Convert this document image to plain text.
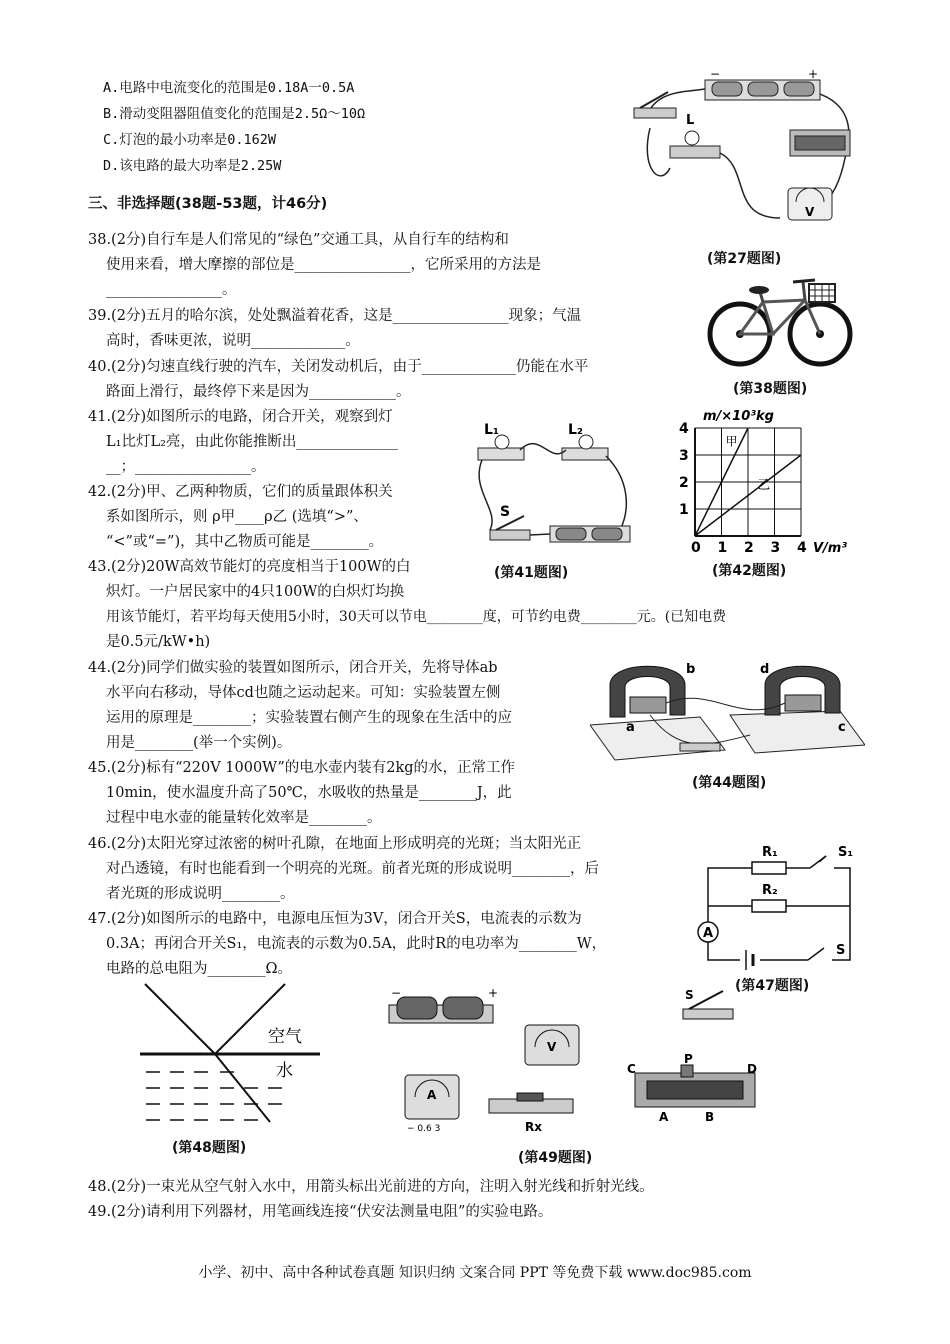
A.电路中电流变化的范围是0.18A一0.5A
B.滑动变阻器阻值变化的范围是2.5Ω～10Ω
C.灯泡的最小功率是0.162W
D.该电路的最大功率是2.25W
三、非选择题(38题-53题，计46分)
38.(2分)自行车是人们常见的“绿色”交通工具，从自行车的结构和
使用来看，增大摩擦的部位是________________，它所采用的方法是
________________。
39.(2分)五月的哈尔滨，处处飘溢着花香，这是________________现象；气温
高时，香味更浓，说明_____________。
40.(2分)匀速直线行驶的汽车，关闭发动机后，由于_____________仍能在水平
路面上滑行，最终停下来是因为____________。
41.(2分)如图所示的电路，闭合开关，观察到灯
L₁比灯L₂亮，由此你能推断出______________
__；________________。
42.(2分)甲、乙两种物质，它们的质量跟体积关
系如图所示，则 ρ甲____ρ乙 (选填“>”、
“<”或“=”)，其中乙物质可能是________。
43.(2分)20W高效节能灯的亮度相当于100W的白
炽灯。一户居民家中的4只100W的白炽灯均换
用该节能灯，若平均每天使用5小时，30天可以节电________度，可节约电费________元。(已知电费
是0.5元/kW•h)
44.(2分)同学们做实验的装置如图所示，闭合开关，先将导体ab
水平向右移动，导体cd也随之运动起来。可知：实验装置左侧
运用的原理是________；实验装置右侧产生的现象在生活中的应
用是________(举一个实例)。
45.(2分)标有“220V 1000W”的电水壶内装有2kg的水，正常工作
10min，使水温度升高了50℃，水吸收的热量是________J，此
过程中电水壶的能量转化效率是________。
46.(2分)太阳光穿过浓密的树叶孔隙，在地面上形成明亮的光斑；当太阳光正
对凸透镜，有时也能看到一个明亮的光斑。前者光斑的形成说明________，后
者光斑的形成说明________。
47.(2分)如图所示的电路中，电源电压恒为3V，闭合开关S，电流表的示数为
0.3A；再闭合开关S₁，电流表的示数为0.5A，此时R的电功率为________W，
电路的总电阻为________Ω。
48.(2分)一束光从空气射入水中，用箭头标出光前进的方向，注明入射光线和折射光线。
49.(2分)请利用下列器材，用笔画线连接“伏安法测量电阻”的实验电路。
−	+
L
V
(第27题图)
(第38题图)
L₁	L₂
S
(第41题图)
0 1 2 3 4
1
2
3
4
甲
乙
m/×10³kg
V/m³
(第42题图)
a
b
c
d
(第44题图)
R₁
R₂
S₁
A
S
(第47题图)
空气
水
(第48题图)
−	+
V
A
− 0.6 3	Rx
S
P
C	D
A	B
(第49题图)
小学、初中、高中各种试卷真题 知识归纳 文案合同 PPT 等免费下载 www.doc985.com
